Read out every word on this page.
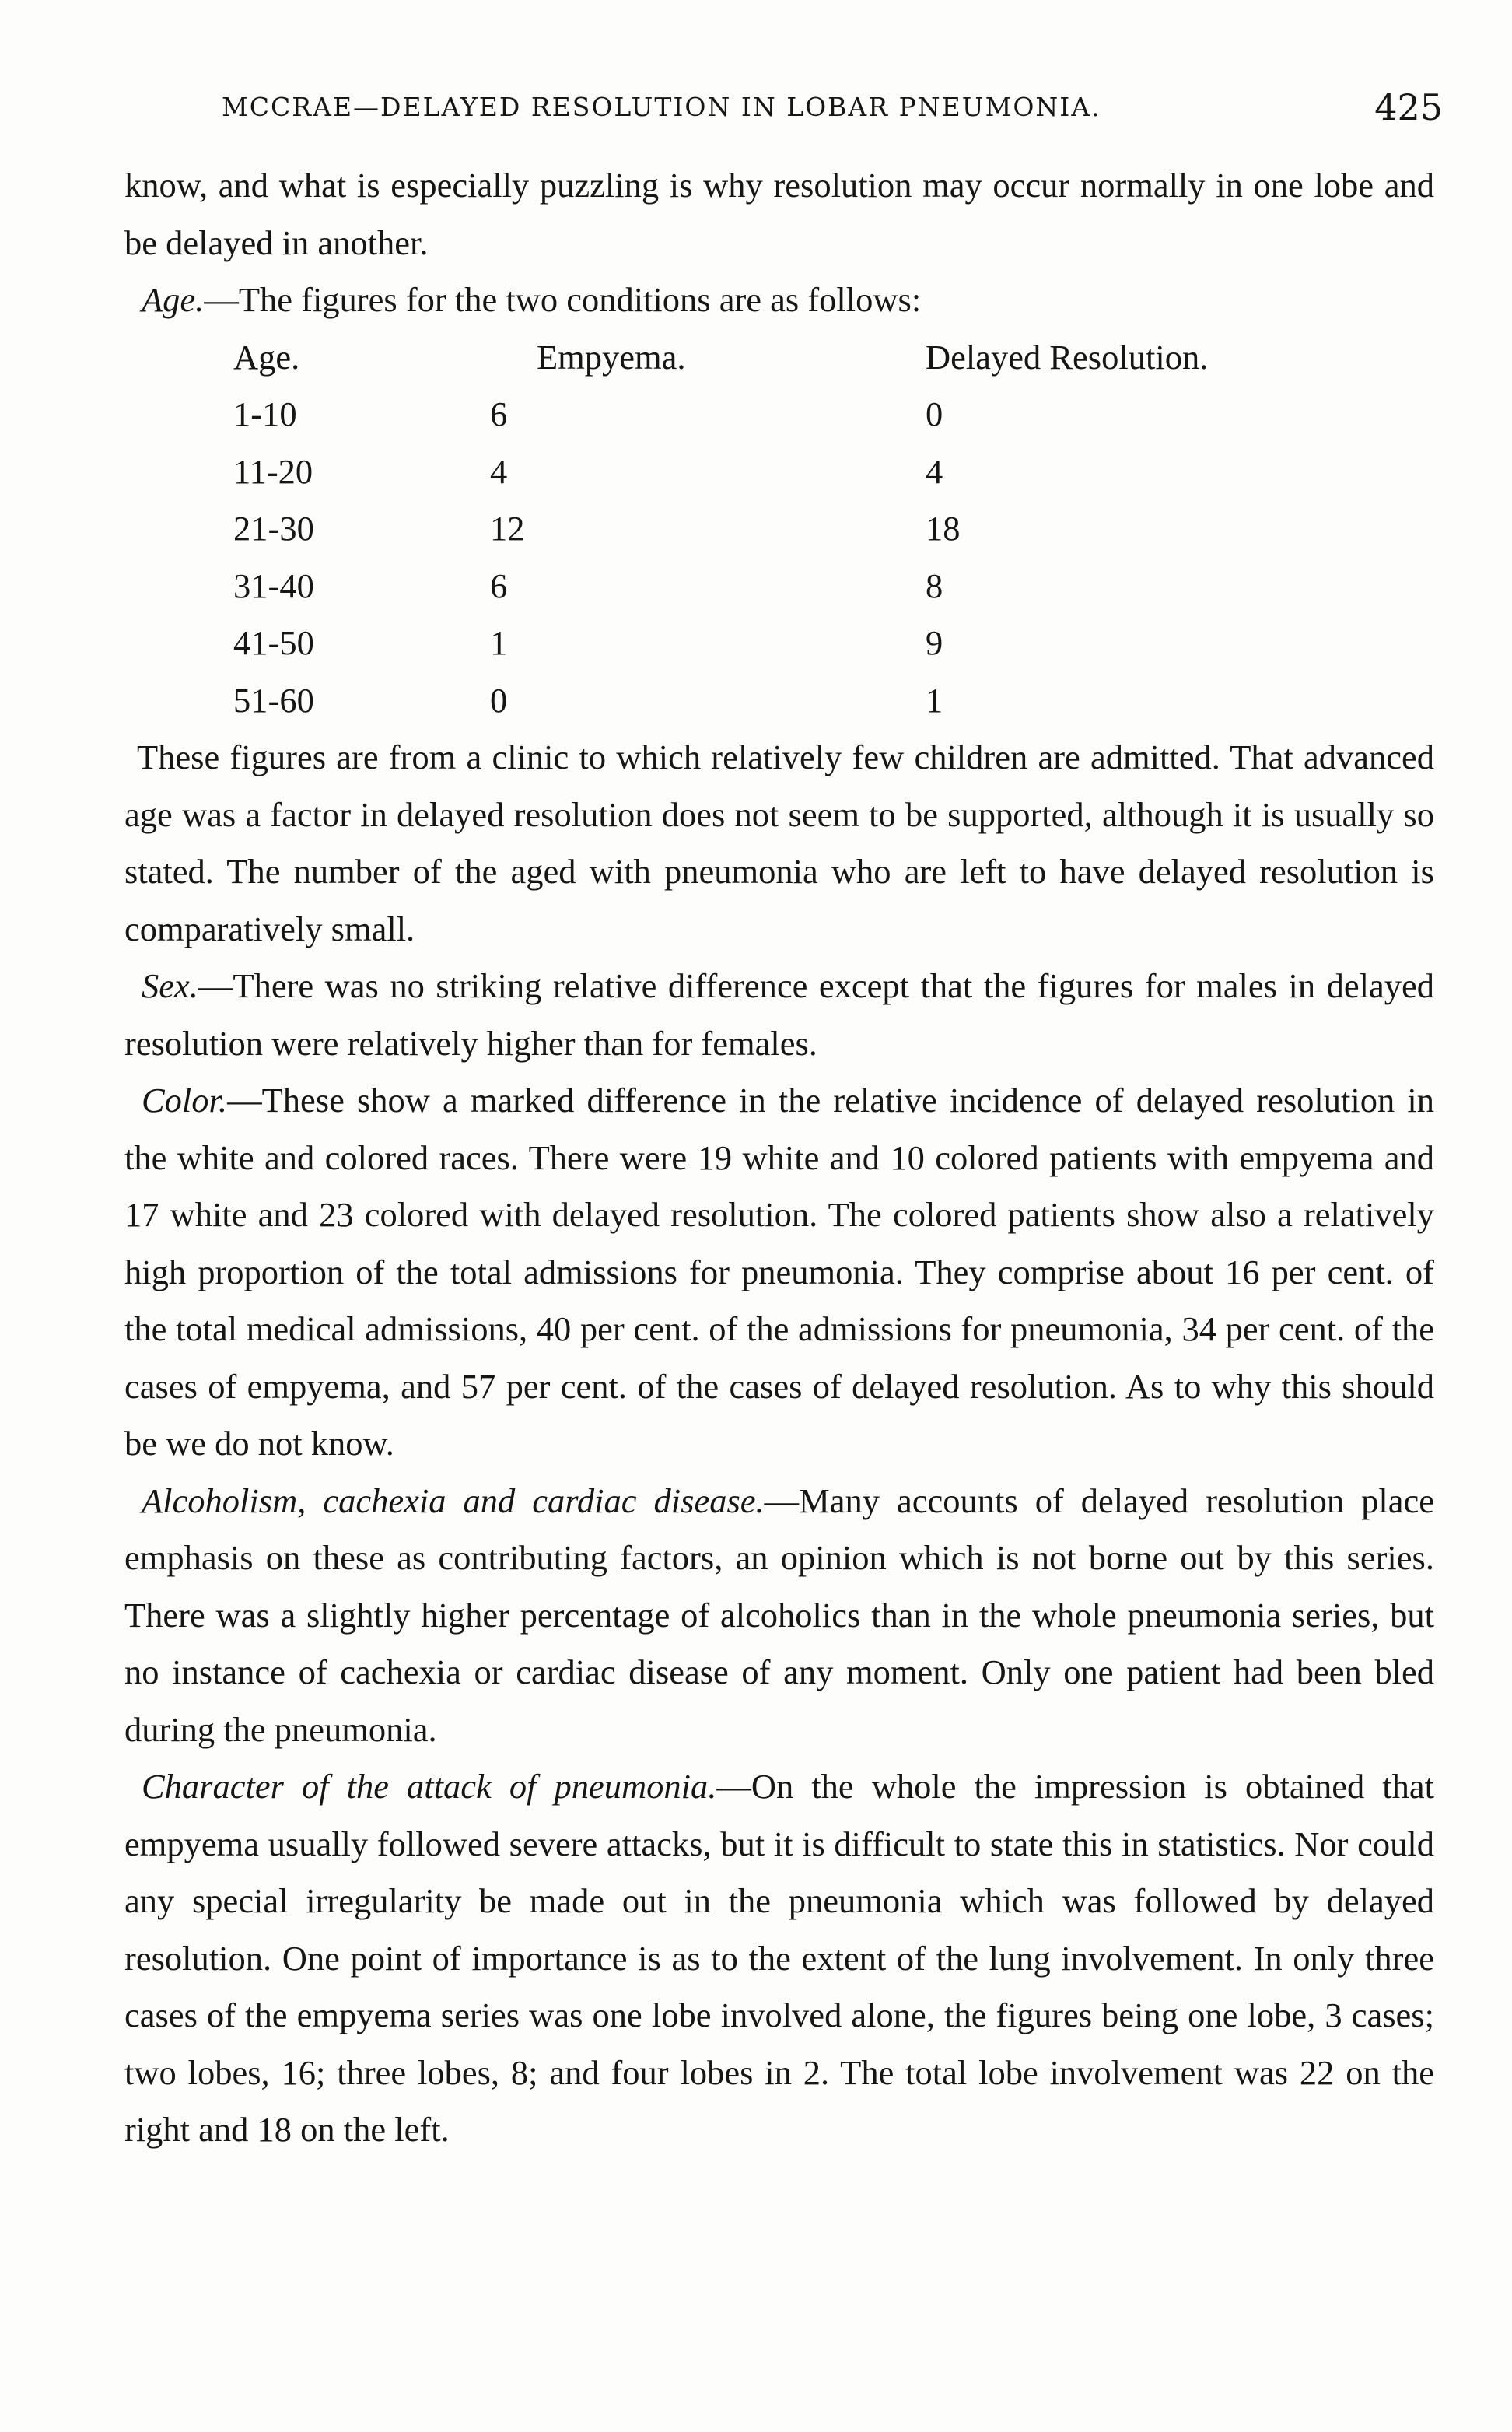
MCCRAE—DELAYED RESOLUTION IN LOBAR PNEUMONIA.	425

know, and what is especially puzzling is why resolution may occur normally in one lobe and be delayed in another.

Age.—The figures for the two conditions are as follows:

Age.	Empyema.	Delayed Resolution.
1-10	6	0
11-20	4	4
21-30	12	18
31-40	6	8
41-50	1	9
51-60	0	1

These figures are from a clinic to which relatively few children are admitted. That advanced age was a factor in delayed resolution does not seem to be supported, although it is usually so stated. The number of the aged with pneumonia who are left to have delayed resolution is comparatively small.

Sex.—There was no striking relative difference except that the figures for males in delayed resolution were relatively higher than for females.

Color.—These show a marked difference in the relative incidence of delayed resolution in the white and colored races. There were 19 white and 10 colored patients with empyema and 17 white and 23 colored with delayed resolution. The colored patients show also a relatively high proportion of the total admissions for pneumonia. They comprise about 16 per cent. of the total medical admissions, 40 per cent. of the admissions for pneumonia, 34 per cent. of the cases of empyema, and 57 per cent. of the cases of delayed resolution. As to why this should be we do not know.

Alcoholism, cachexia and cardiac disease.—Many accounts of delayed resolution place emphasis on these as contributing factors, an opinion which is not borne out by this series. There was a slightly higher percentage of alcoholics than in the whole pneumonia series, but no instance of cachexia or cardiac disease of any moment. Only one patient had been bled during the pneumonia.

Character of the attack of pneumonia.—On the whole the impression is obtained that empyema usually followed severe attacks, but it is difficult to state this in statistics. Nor could any special irregularity be made out in the pneumonia which was followed by delayed resolution. One point of importance is as to the extent of the lung involvement. In only three cases of the empyema series was one lobe involved alone, the figures being one lobe, 3 cases; two lobes, 16; three lobes, 8; and four lobes in 2. The total lobe involvement was 22 on the right and 18 on the left.
